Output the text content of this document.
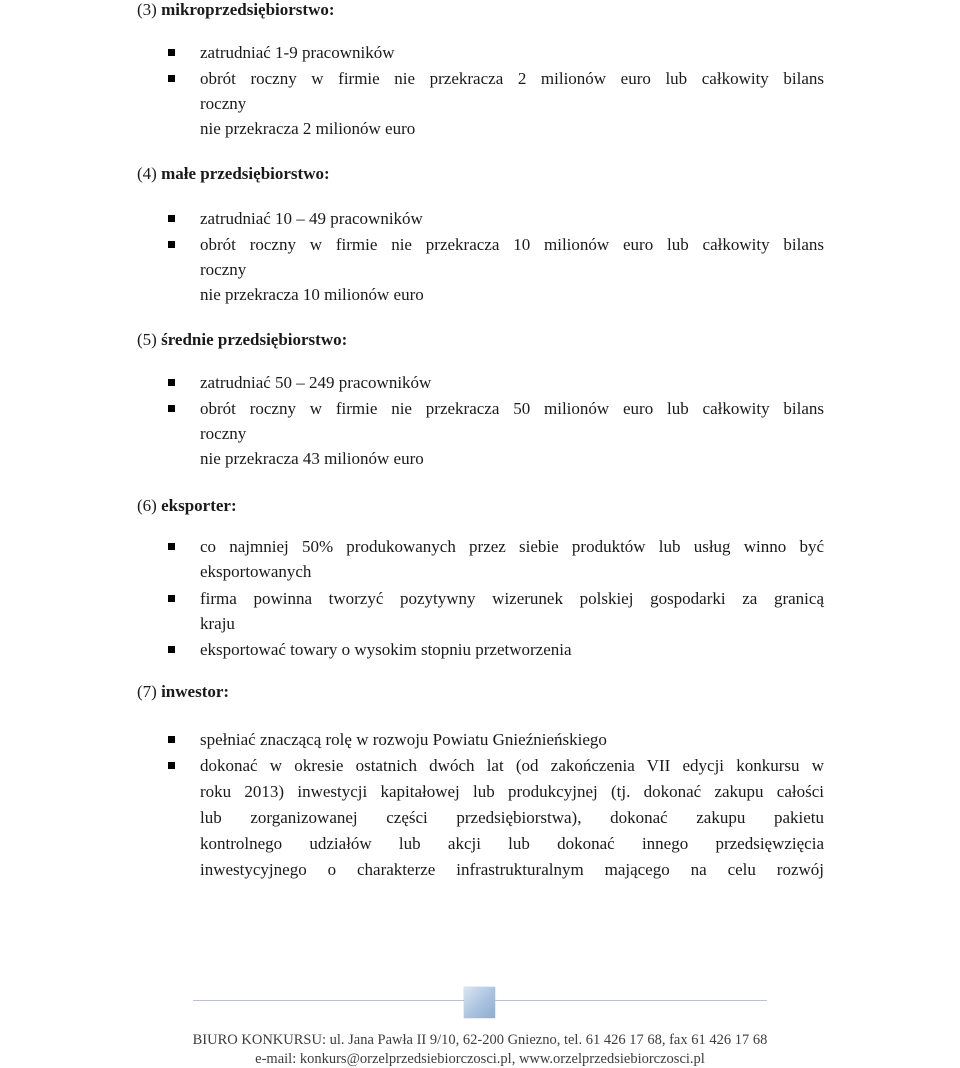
(3) mikroprzedsiębiorstwo:
zatrudniać 1-9 pracowników
obrót roczny w firmie nie przekracza 2 milionów euro lub całkowity bilans
roczny
nie przekracza 2 milionów euro
(4) małe przedsiębiorstwo:
zatrudniać 10 – 49 pracowników
obrót roczny w firmie nie przekracza 10 milionów euro lub całkowity bilans
roczny
nie przekracza 10 milionów euro
(5) średnie przedsiębiorstwo:
zatrudniać 50 – 249 pracowników
obrót roczny w firmie nie przekracza 50 milionów euro lub całkowity bilans
roczny
nie przekracza 43 milionów euro
(6) eksporter:
co najmniej 50% produkowanych przez siebie produktów lub usług winno być
eksportowanych
firma powinna tworzyć pozytywny wizerunek polskiej gospodarki za granicą
kraju
eksportować towary o wysokim stopniu przetworzenia
(7) inwestor:
spełniać znaczącą rolę w rozwoju Powiatu Gnieźnieńskiego
dokonać w okresie ostatnich dwóch lat (od zakończenia VII edycji konkursu w
roku 2013) inwestycji kapitałowej lub produkcyjnej (tj. dokonać zakupu całości
lub zorganizowanej części przedsiębiorstwa), dokonać zakupu pakietu
kontrolnego udziałów lub akcji lub dokonać innego przedsięwzięcia
inwestycyjnego o charakterze infrastrukturalnym mającego na celu rozwój
BIURO KONKURSU: ul. Jana Pawła II 9/10, 62-200 Gniezno, tel. 61 426 17 68, fax 61 426 17 68
e-mail: konkurs@orzelprzedsiebiorczosci.pl, www.orzelprzedsiebiorczosci.pl
